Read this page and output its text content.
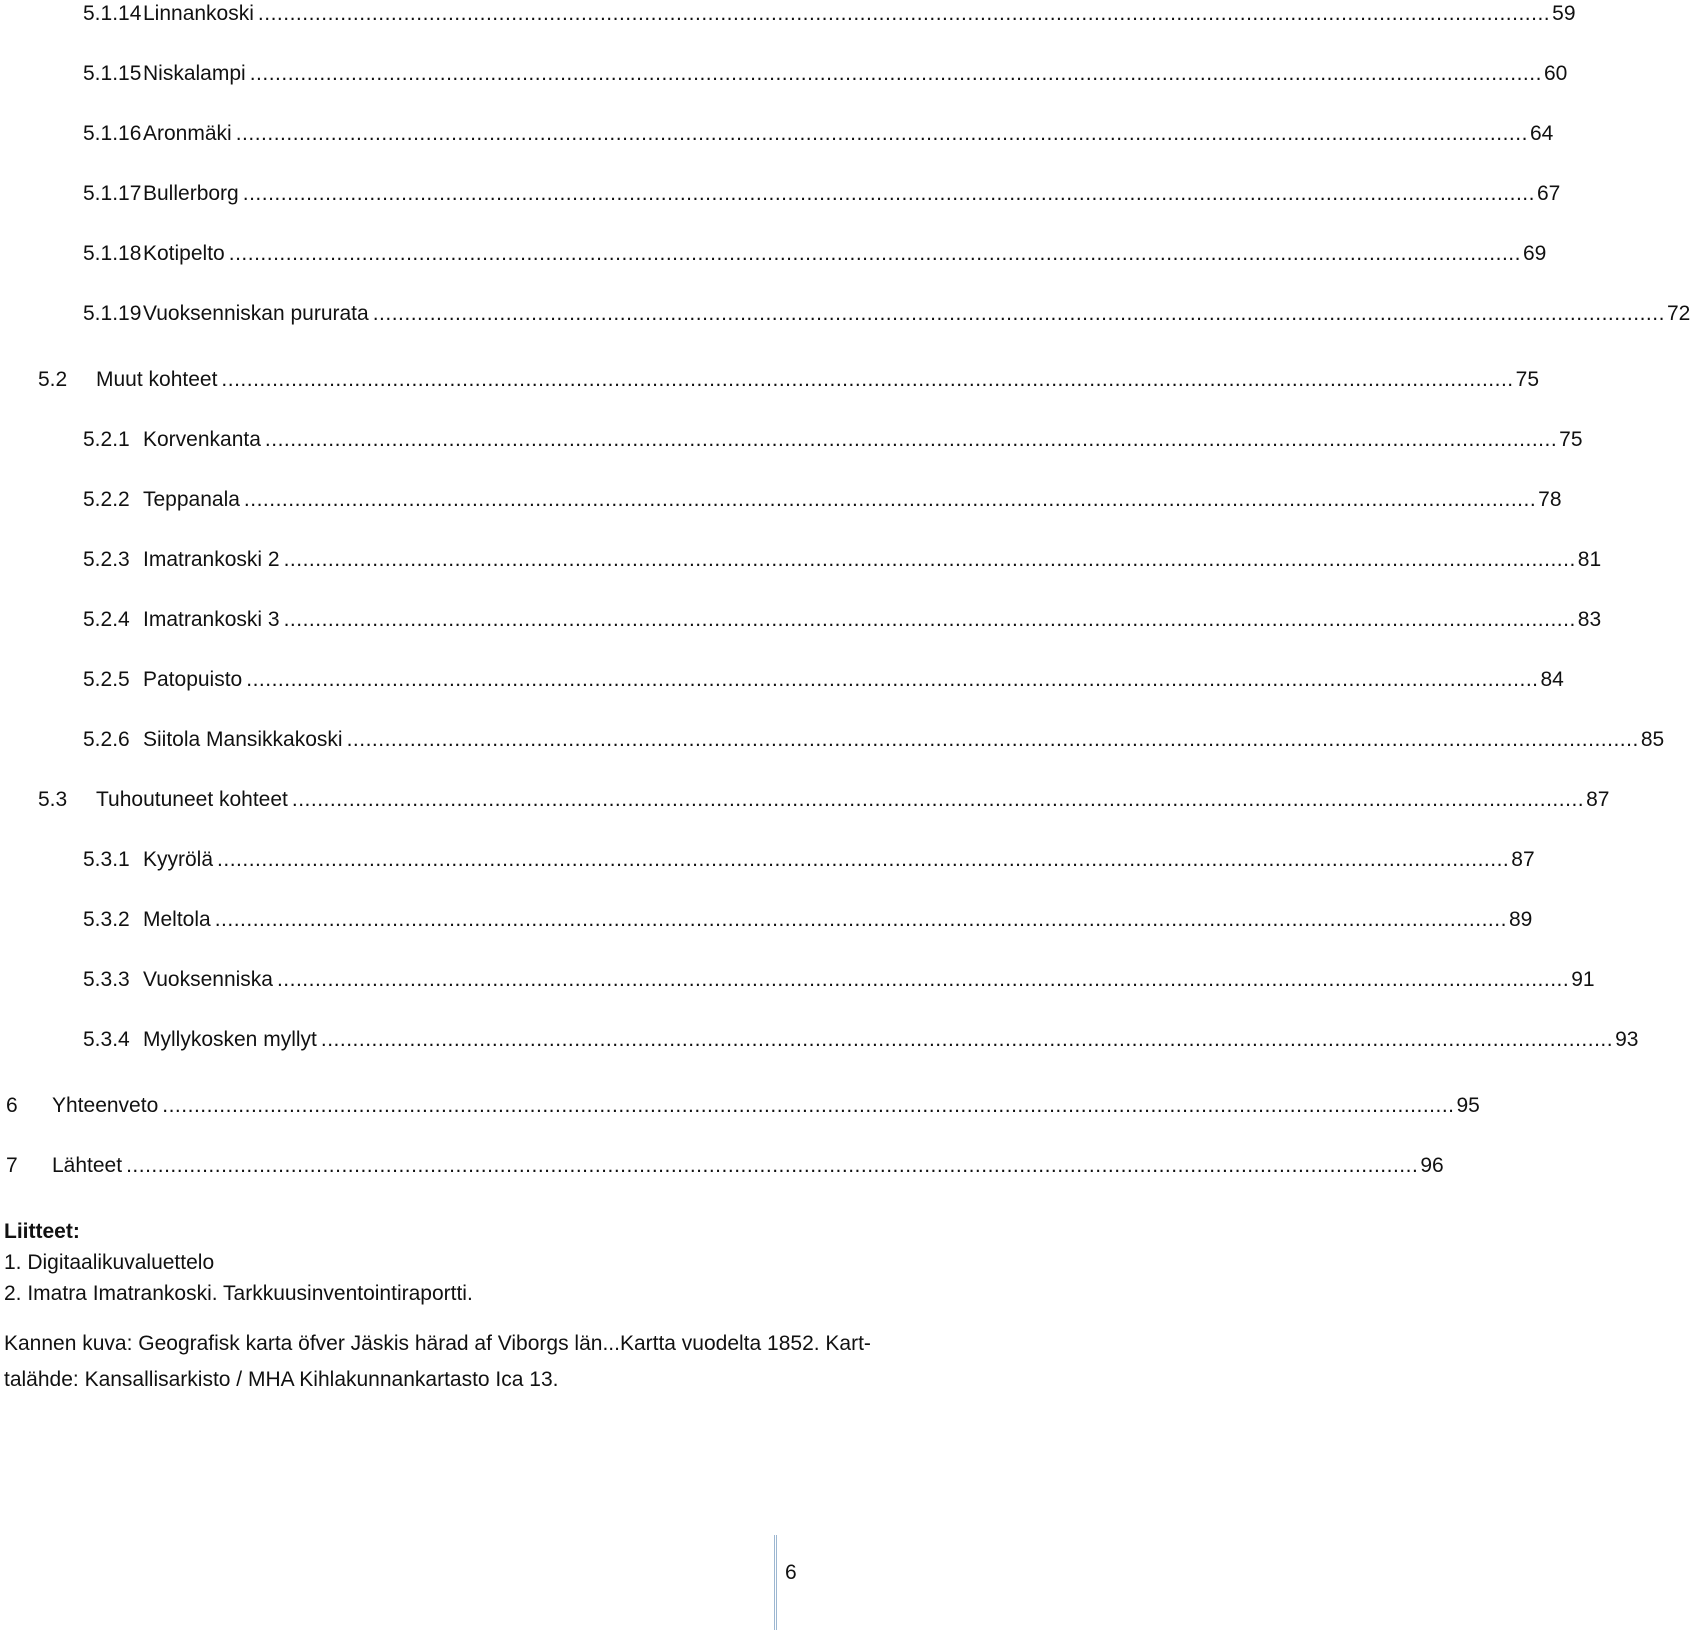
5.1.14 Linnankoski ............................................................................................................................................................................................................ 59
5.1.15 Niskalampi ............................................................................................................................................................................................................ 60
5.1.16 Aronmäki ............................................................................................................................................................................................................ 64
5.1.17 Bullerborg ............................................................................................................................................................................................................ 67
5.1.18 Kotipelto ............................................................................................................................................................................................................ 69
5.1.19 Vuoksenniskan pururata ............................................................................................................................................................................................................ 72
5.2 Muut kohteet ............................................................................................................................................................................................................ 75
5.2.1 Korvenkanta ............................................................................................................................................................................................................ 75
5.2.2 Teppanala ............................................................................................................................................................................................................ 78
5.2.3 Imatrankoski 2 ............................................................................................................................................................................................................ 81
5.2.4 Imatrankoski 3 ............................................................................................................................................................................................................ 83
5.2.5 Patopuisto ............................................................................................................................................................................................................ 84
5.2.6 Siitola Mansikkakoski ............................................................................................................................................................................................................ 85
5.3 Tuhoutuneet kohteet ............................................................................................................................................................................................................ 87
5.3.1 Kyyrölä ............................................................................................................................................................................................................ 87
5.3.2 Meltola ............................................................................................................................................................................................................ 89
5.3.3 Vuoksenniska ............................................................................................................................................................................................................ 91
5.3.4 Myllykosken myllyt ............................................................................................................................................................................................................ 93
6 Yhteenveto ............................................................................................................................................................................................................ 95
7 Lähteet ............................................................................................................................................................................................................ 96
Liitteet:
1. Digitaalikuvaluettelo
2. Imatra Imatrankoski. Tarkkuusinventointiraportti.
Kannen kuva: Geografisk karta öfver Jäskis härad af Viborgs län...Kartta vuodelta 1852. Kart-
talähde: Kansallisarkisto / MHA Kihlakunnankartasto Ica 13.
6
